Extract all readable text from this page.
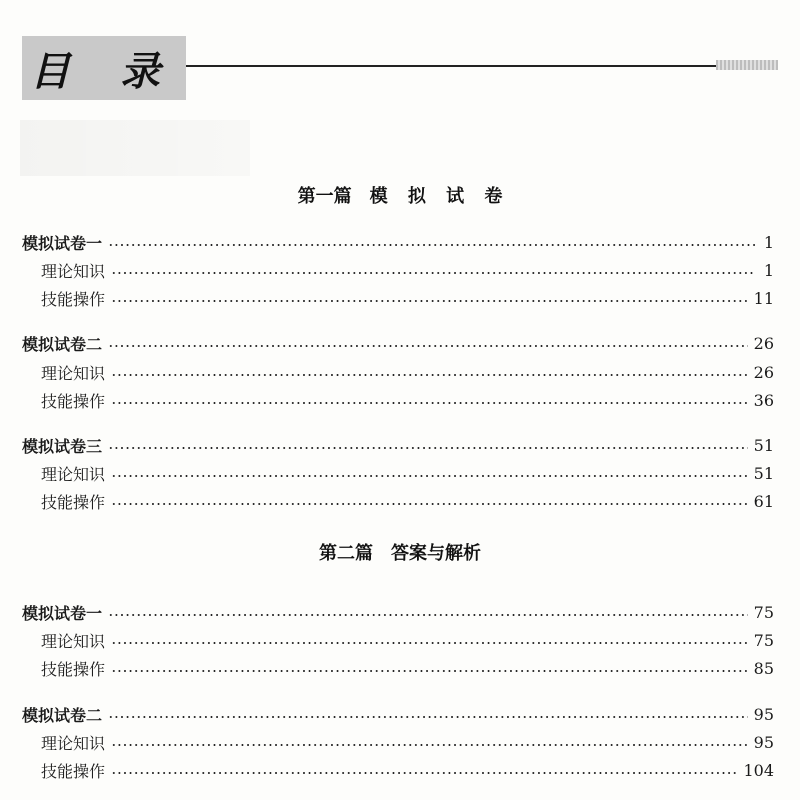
目 录
第一篇　模 拟 试 卷
模拟试卷一	1
理论知识	1
技能操作	11
模拟试卷二	26
理论知识	26
技能操作	36
模拟试卷三	51
理论知识	51
技能操作	61
第二篇　答案与解析
模拟试卷一	75
理论知识	75
技能操作	85
模拟试卷二	95
理论知识	95
技能操作	104
